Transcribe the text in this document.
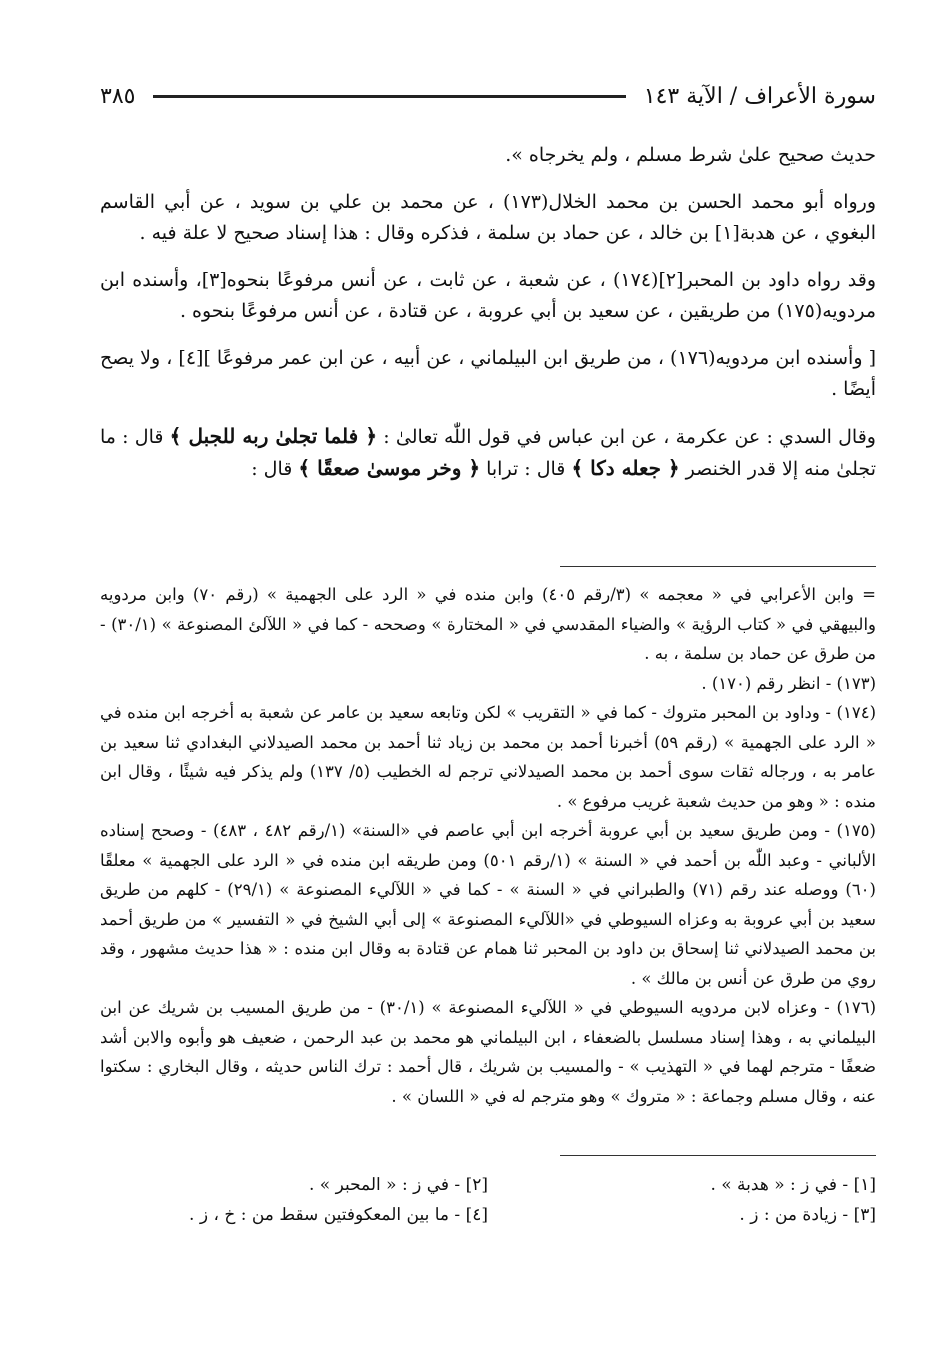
سورة الأعراف / الآية ١٤٣
٣٨٥

حديث صحيح علىٰ شرط مسلم ، ولم يخرجاه ».

ورواه أبو محمد الحسن بن محمد الخلال(١٧٣) ، عن محمد بن علي بن سويد ، عن أبي القاسم البغوي ، عن هدبة[١] بن خالد ، عن حماد بن سلمة ، فذكره وقال : هذا إسناد صحيح لا علة فيه .

وقد رواه داود بن المحبر[٢](١٧٤) ، عن شعبة ، عن ثابت ، عن أنس مرفوعًا بنحوه[٣]، وأسنده ابن مردويه(١٧٥) من طريقين ، عن سعيد بن أبي عروبة ، عن قتادة ، عن أنس مرفوعًا بنحوه .

[ وأسنده ابن مردويه(١٧٦) ، من طريق ابن البيلماني ، عن أبيه ، عن ابن عمر مرفوعًا ][٤] ، ولا يصح أيضًا .

وقال السدي : عن عكرمة ، عن ابن عباس في قول اللّٰه تعالىٰ : ﴿ فلما تجلىٰ ربه للجبل ﴾ قال : ما تجلىٰ منه إلا قدر الخنصر ﴿ جعله دكا ﴾ قال : ترابا ﴿ وخر موسىٰ صعقًا ﴾ قال :

= وابن الأعرابي في « معجمه » (٣/رقم ٤٠٥) وابن منده في « الرد على الجهمية » (رقم ٧٠) وابن مردويه والبيهقي في « كتاب الرؤية » والضياء المقدسي في « المختارة » وصححه - كما في « اللآلئ المصنوعة » (٣٠/١) - من طرق عن حماد بن سلمة ، به .

(١٧٣) - انظر رقم (١٧٠) .

(١٧٤) - وداود بن المحبر متروك - كما في « التقريب » لكن وتابعه سعيد بن عامر عن شعبة به أخرجه ابن منده في « الرد على الجهمية » (رقم ٥٩) أخبرنا أحمد بن محمد بن زياد ثنا أحمد بن محمد الصيدلاني البغدادي ثنا سعيد بن عامر به ، ورجاله ثقات سوى أحمد بن محمد الصيدلاني ترجم له الخطيب (٥/ ١٣٧) ولم يذكر فيه شيئًا ، وقال ابن منده : « وهو من حديث شعبة غريب مرفوع » .

(١٧٥) - ومن طريق سعيد بن أبي عروبة أخرجه ابن أبي عاصم في «السنة» (١/رقم ٤٨٢ ، ٤٨٣) - وصحح إسناده الألباني - وعبد اللّٰه بن أحمد في « السنة » (١/رقم ٥٠١) ومن طريقه ابن منده في « الرد على الجهمية » معلقًا (٦٠) ووصله عند رقم (٧١) والطبراني في « السنة » - كما في « اللآليء المصنوعة » (٢٩/١) - كلهم من طريق سعيد بن أبي عروبة به وعزاه السيوطي في «اللآليء المصنوعة » إلى أبي الشيخ في « التفسير » من طريق أحمد بن محمد الصيدلاني ثنا إسحاق بن داود بن المحبر ثنا همام عن قتادة به وقال ابن منده : « هذا حديث مشهور ، وقد روي من طرق عن أنس بن مالك » .

(١٧٦) - وعزاه لابن مردويه السيوطي في « اللآليء المصنوعة » (٣٠/١) - من طريق المسيب بن شريك عن ابن البيلماني به ، وهذا إسناد مسلسل بالضعفاء ، ابن البيلماني هو محمد بن عبد الرحمن ، ضعيف هو وأبوه والابن أشد ضعفًا - مترجم لهما في « التهذيب » - والمسيب بن شريك ، قال أحمد : ترك الناس حديثه ، وقال البخاري : سكتوا عنه ، وقال مسلم وجماعة : « متروك » وهو مترجم له في « اللسان » .

[١] - في ز : « هدبة » .
[٢] - في ز : « المحبر » .
[٣] - زيادة من : ز .
[٤] - ما بين المعكوفتين سقط من : خ ، ز .
